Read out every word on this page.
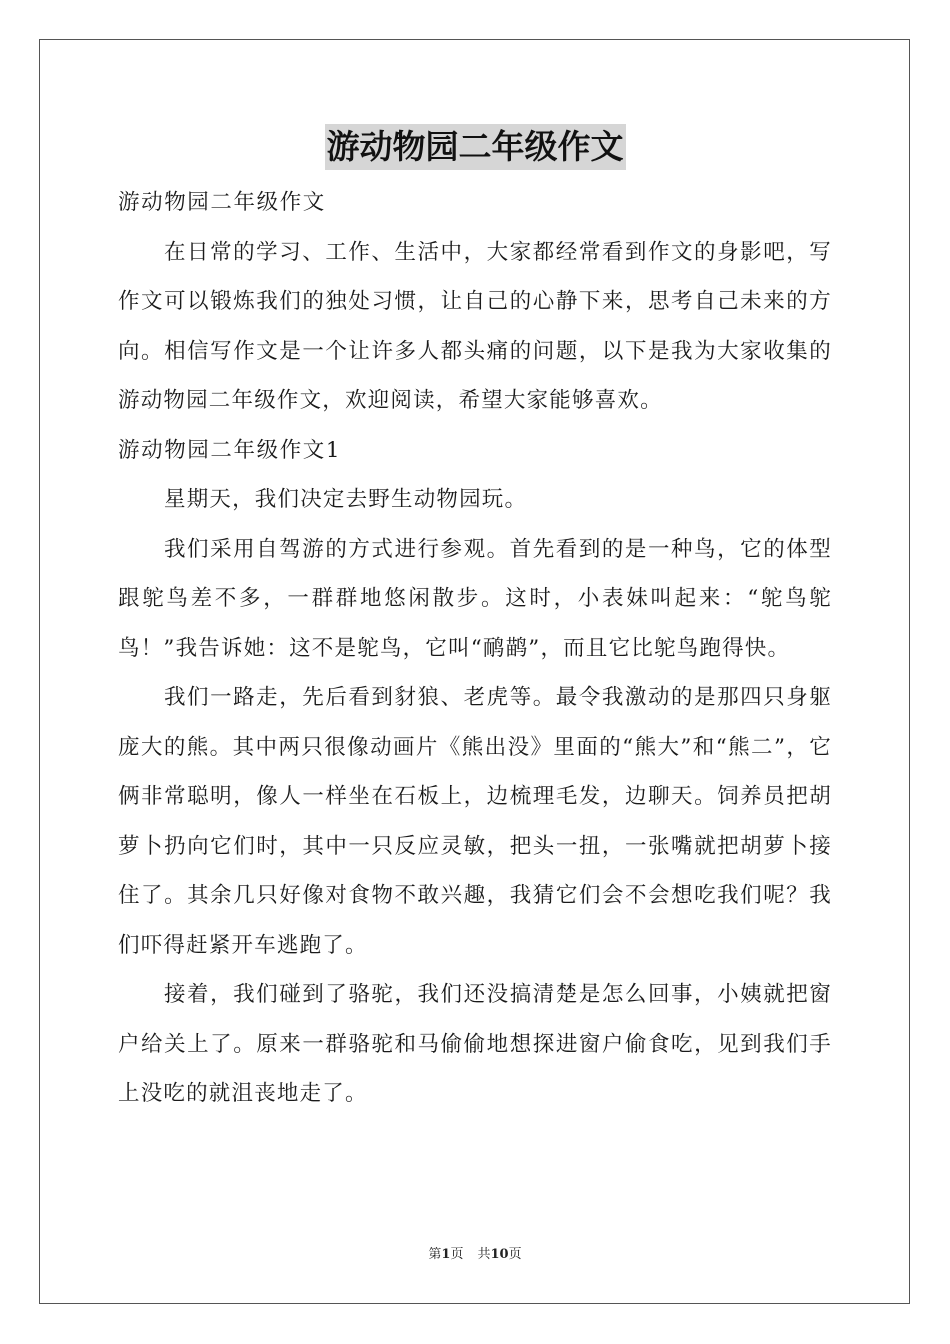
游动物园二年级作文

游动物园二年级作文

在日常的学习、工作、生活中，大家都经常看到作文的身影吧，写作文可以锻炼我们的独处习惯，让自己的心静下来，思考自己未来的方向。相信写作文是一个让许多人都头痛的问题，以下是我为大家收集的游动物园二年级作文，欢迎阅读，希望大家能够喜欢。

游动物园二年级作文1

星期天，我们决定去野生动物园玩。

我们采用自驾游的方式进行参观。首先看到的是一种鸟，它的体型跟鸵鸟差不多，一群群地悠闲散步。这时，小表妹叫起来：“鸵鸟鸵鸟！”我告诉她：这不是鸵鸟，它叫“鸸鹋”，而且它比鸵鸟跑得快。

我们一路走，先后看到豺狼、老虎等。最令我激动的是那四只身躯庞大的熊。其中两只很像动画片《熊出没》里面的“熊大”和“熊二”，它俩非常聪明，像人一样坐在石板上，边梳理毛发，边聊天。饲养员把胡萝卜扔向它们时，其中一只反应灵敏，把头一扭，一张嘴就把胡萝卜接住了。其余几只好像对食物不敢兴趣，我猜它们会不会想吃我们呢？我们吓得赶紧开车逃跑了。

接着，我们碰到了骆驼，我们还没搞清楚是怎么回事，小姨就把窗户给关上了。原来一群骆驼和马偷偷地想探进窗户偷食吃，见到我们手上没吃的就沮丧地走了。

第1页 共10页
